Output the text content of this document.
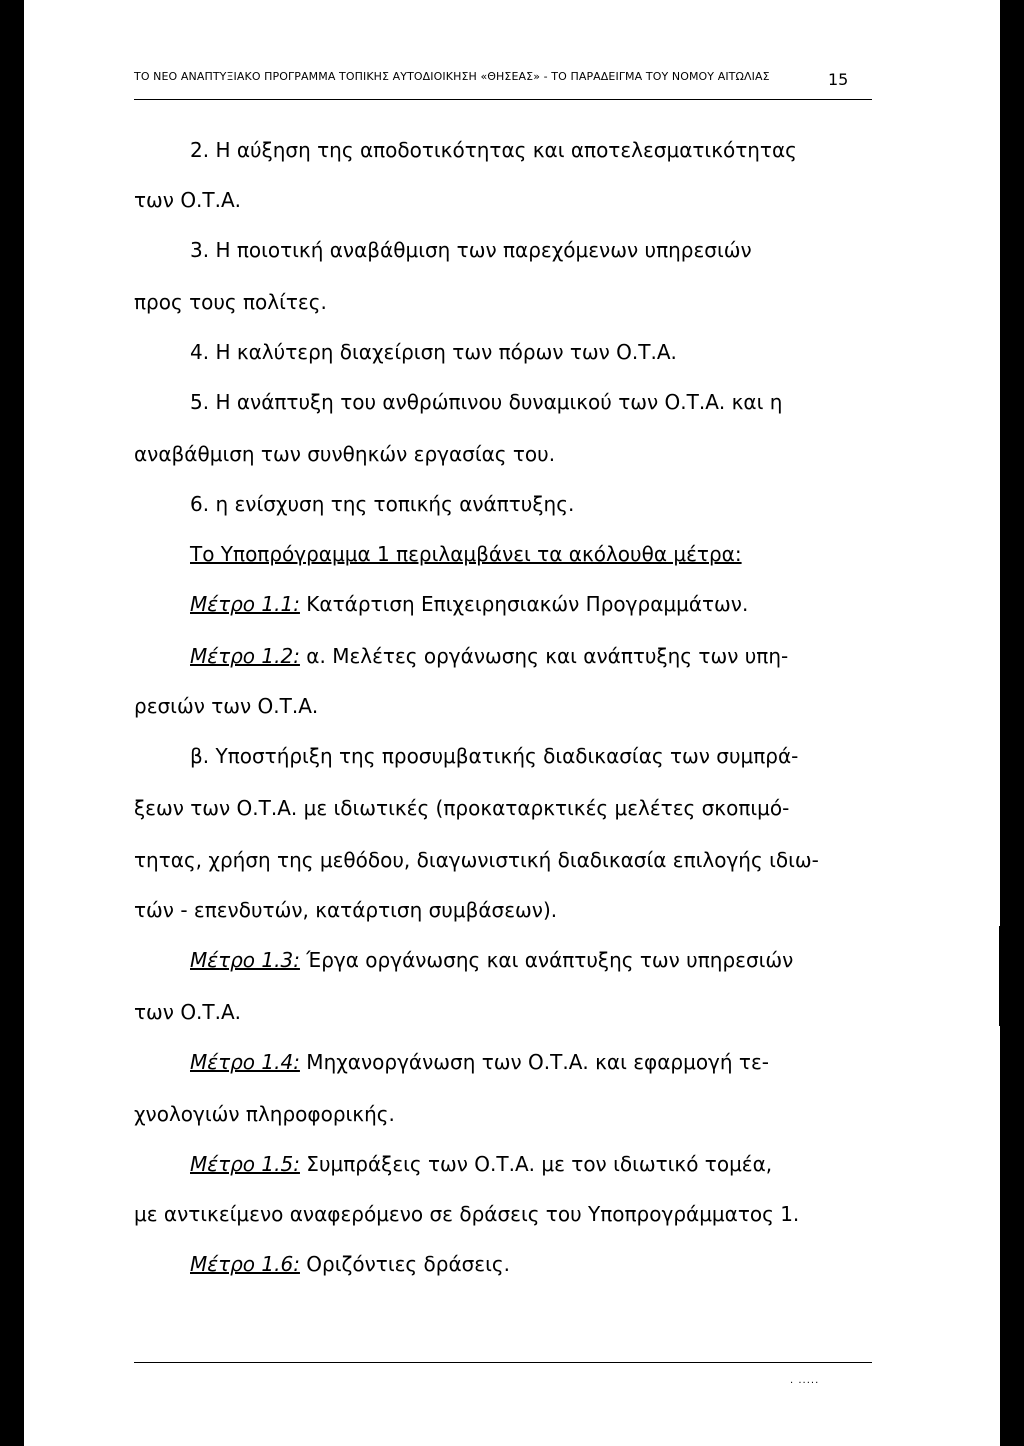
ΤΟ ΝΕΟ ΑΝΑΠΤΥΞΙΑΚΟ ΠΡΟΓΡΑΜΜΑ ΤΟΠΙΚΗΣ ΑΥΤΟΔΙΟΙΚΗΣΗ «ΘΗΣΕΑΣ» - ΤΟ ΠΑΡΑΔΕΙΓΜΑ ΤΟΥ ΝΟΜΟΥ ΑΙΤΩΛΙΑΣ	15
2. Η αύξηση της αποδοτικότητας και αποτελεσματικότητας
των Ο.Τ.Α.
3. Η ποιοτική αναβάθμιση των παρεχόμενων υπηρεσιών
προς τους πολίτες.
4. Η καλύτερη διαχείριση των πόρων των Ο.Τ.Α.
5. Η ανάπτυξη του ανθρώπινου δυναμικού των Ο.Τ.Α. και η
αναβάθμιση των συνθηκών εργασίας του.
6. η ενίσχυση της τοπικής ανάπτυξης.
Το Υποπρόγραμμα 1 περιλαμβάνει τα ακόλουθα μέτρα:
Μέτρο 1.1: Κατάρτιση Επιχειρησιακών Προγραμμάτων.
Μέτρο 1.2: α. Μελέτες οργάνωσης και ανάπτυξης των υπη-
ρεσιών των Ο.Τ.Α.
β. Υποστήριξη της προσυμβατικής διαδικασίας των συμπρά-
ξεων των Ο.Τ.Α. με ιδιωτικές (προκαταρκτικές μελέτες σκοπιμό-
τητας, χρήση της μεθόδου, διαγωνιστική διαδικασία επιλογής ιδιω-
τών - επενδυτών, κατάρτιση συμβάσεων).
Μέτρο 1.3: Έργα οργάνωσης και ανάπτυξης των υπηρεσιών
των Ο.Τ.Α.
Μέτρο 1.4: Μηχανοργάνωση των Ο.Τ.Α. και εφαρμογή τε-
χνολογιών πληροφορικής.
Μέτρο 1.5: Συμπράξεις των Ο.Τ.Α. με τον ιδιωτικό τομέα,
με αντικείμενο αναφερόμενο σε δράσεις του Υποπρογράμματος 1.
Μέτρο 1.6: Οριζόντιες δράσεις.
. .....
